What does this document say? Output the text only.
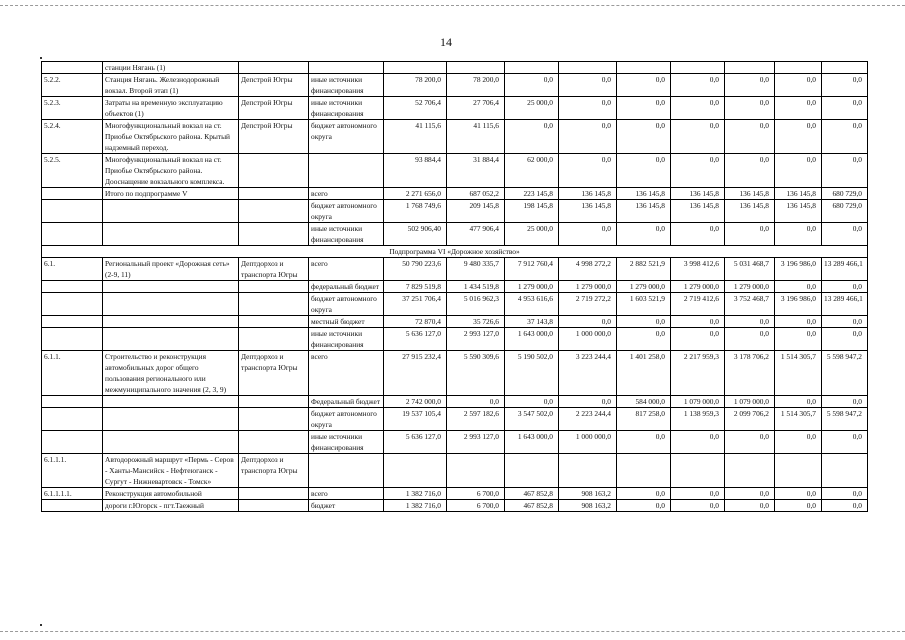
14
	станции Нягань (1)											
5.2.2.	Станция Нягань. Железнодорожный вокзал. Второй этап (1)	Депстрой Югры	иные источники финансирования	78 200,0	78 200,0	0,0	0,0	0,0	0,0	0,0	0,0	0,0
5.2.3.	Затраты на временную эксплуатацию объектов (1)	Депстрой Югры	иные источники финансирования	52 706,4	27 706,4	25 000,0	0,0	0,0	0,0	0,0	0,0	0,0
5.2.4.	Многофункциональный вокзал на ст. Приобье Октябрьского района. Крытый надземный переход.	Депстрой Югры	бюджет автономного округа	41 115,6	41 115,6	0,0	0,0	0,0	0,0	0,0	0,0	0,0
5.2.5.	Многофункциональный вокзал на ст. Приобье Октябрьского района. Дооснащение вокзального комплекса.			93 884,4	31 884,4	62 000,0	0,0	0,0	0,0	0,0	0,0	0,0
	Итого по подпрограмме V		всего	2 271 656,0	687 052,2	223 145,8	136 145,8	136 145,8	136 145,8	136 145,8	136 145,8	680 729,0
			бюджет автономного округа	1 768 749,6	209 145,8	198 145,8	136 145,8	136 145,8	136 145,8	136 145,8	136 145,8	680 729,0
			иные источники финансирования	502 906,40	477 906,4	25 000,0	0,0	0,0	0,0	0,0	0,0	0,0
Подпрограмма VI «Дорожное хозяйство»												
6.1.	Региональный проект «Дорожная сеть» (2-9, 11)	Дептдорхоз и транспорта Югры	всего	50 790 223,6	9 480 335,7	7 912 760,4	4 998 272,2	2 882 521,9	3 998 412,6	5 031 468,7	3 196 986,0	13 289 466,1
			федеральный бюджет	7 829 519,8	1 434 519,8	1 279 000,0	1 279 000,0	1 279 000,0	1 279 000,0	1 279 000,0	0,0	0,0
			бюджет автономного округа	37 251 706,4	5 016 962,3	4 953 616,6	2 719 272,2	1 603 521,9	2 719 412,6	3 752 468,7	3 196 986,0	13 289 466,1
			местный бюджет	72 870,4	35 726,6	37 143,8	0,0	0,0	0,0	0,0	0,0	0,0
			иные источники финансирования	5 636 127,0	2 993 127,0	1 643 000,0	1 000 000,0	0,0	0,0	0,0	0,0	0,0
6.1.1.	Строительство и реконструкция автомобильных дорог общего пользования регионального или межмуниципального значения (2, 3, 9)	Дептдорхоз и транспорта Югры	всего	27 915 232,4	5 590 309,6	5 190 502,0	3 223 244,4	1 401 258,0	2 217 959,3	3 178 706,2	1 514 305,7	5 598 947,2
			Федеральный бюджет	2 742 000,0	0,0	0,0	0,0	584 000,0	1 079 000,0	1 079 000,0	0,0	0,0
			бюджет автономного округа	19 537 105,4	2 597 182,6	3 547 502,0	2 223 244,4	817 258,0	1 138 959,3	2 099 706,2	1 514 305,7	5 598 947,2
			иные источники финансирования	5 636 127,0	2 993 127,0	1 643 000,0	1 000 000,0	0,0	0,0	0,0	0,0	0,0
6.1.1.1.	Автодорожный маршрут «Пермь - Серов - Ханты-Мансийск - Нефтеюганск - Сургут - Нижневартовск - Томск»	Дептдорхоз и транспорта Югры										
6.1.1.1.1.	Реконструкция автомобильной		всего	1 382 716,0	6 700,0	467 852,8	908 163,2	0,0	0,0	0,0	0,0	0,0
	дороги г.Югорск - пгт.Таежный		бюджет	1 382 716,0	6 700,0	467 852,8	908 163,2	0,0	0,0	0,0	0,0	0,0
